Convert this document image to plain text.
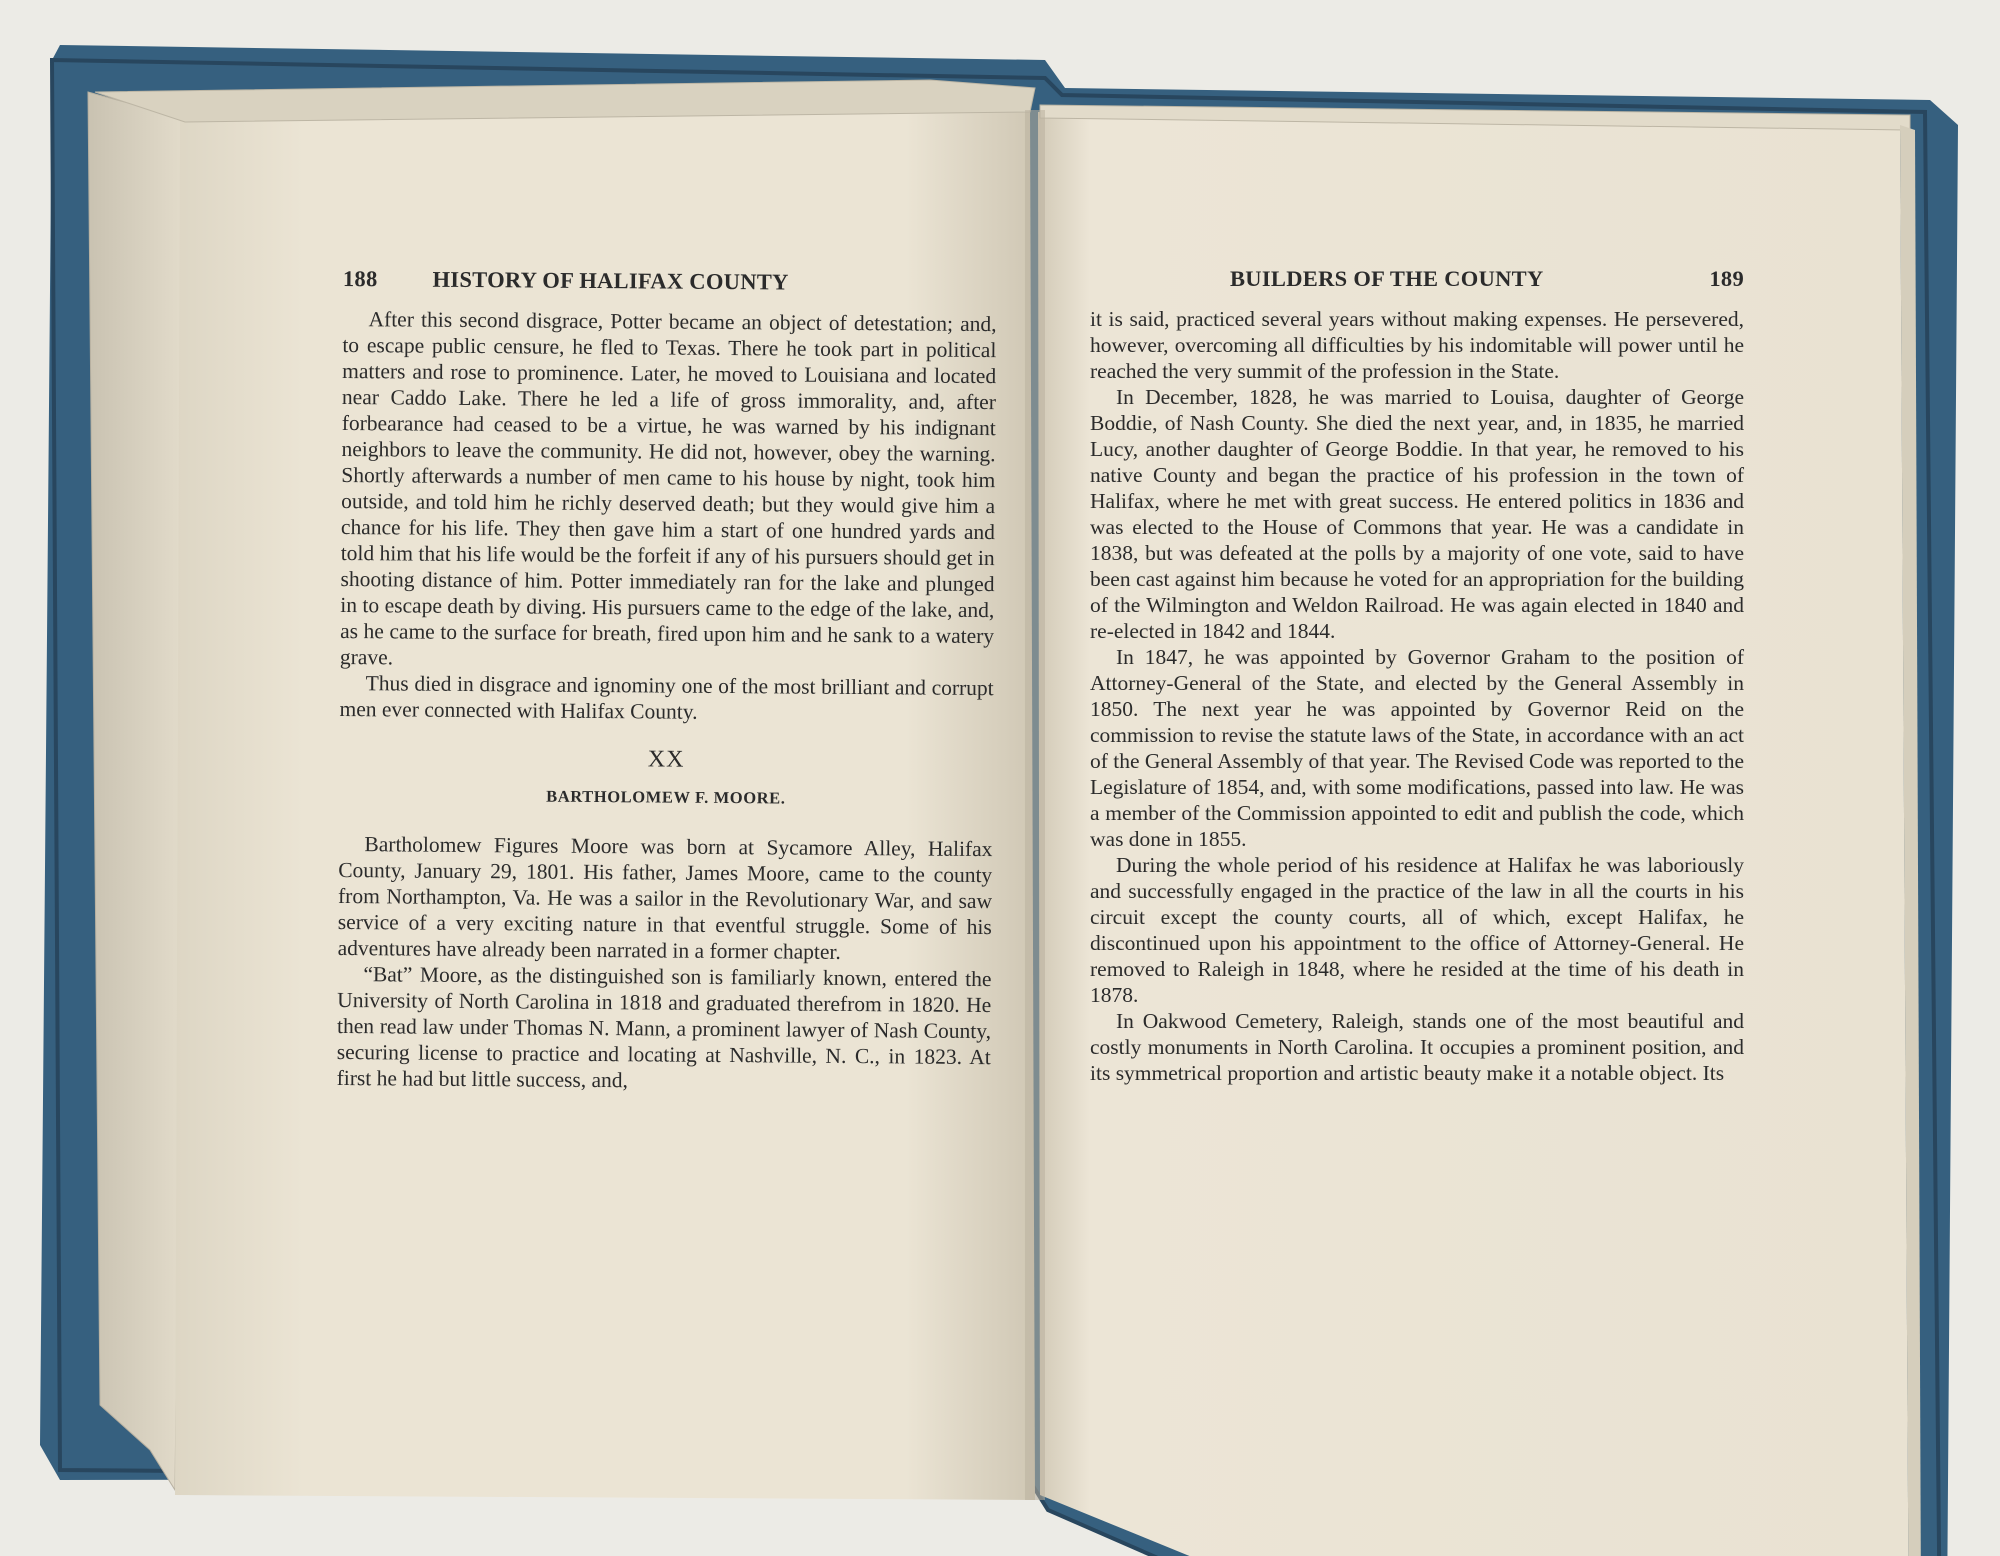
188	HISTORY OF HALIFAX COUNTY

After this second disgrace, Potter became an object of detestation; and, to escape public censure, he fled to Texas. There he took part in political matters and rose to prominence. Later, he moved to Louisiana and located near Caddo Lake. There he led a life of gross immorality, and, after forbearance had ceased to be a virtue, he was warned by his indignant neighbors to leave the community. He did not, however, obey the warning. Shortly afterwards a number of men came to his house by night, took him outside, and told him he richly deserved death; but they would give him a chance for his life. They then gave him a start of one hundred yards and told him that his life would be the forfeit if any of his pursuers should get in shooting distance of him. Potter immediately ran for the lake and plunged in to escape death by diving. His pursuers came to the edge of the lake, and, as he came to the surface for breath, fired upon him and he sank to a watery grave.

Thus died in disgrace and ignominy one of the most brilliant and corrupt men ever connected with Halifax County.

XX
BARTHOLOMEW F. MOORE.

Bartholomew Figures Moore was born at Sycamore Alley, Halifax County, January 29, 1801. His father, James Moore, came to the county from Northampton, Va. He was a sailor in the Revolutionary War, and saw service of a very exciting nature in that eventful struggle. Some of his adventures have already been narrated in a former chapter.

“Bat” Moore, as the distinguished son is familiarly known, entered the University of North Carolina in 1818 and graduated therefrom in 1820. He then read law under Thomas N. Mann, a prominent lawyer of Nash County, securing license to practice and locating at Nashville, N. C., in 1823. At first he had but little success, and,

BUILDERS OF THE COUNTY	189

it is said, practiced several years without making expenses. He persevered, however, overcoming all difficulties by his indomitable will power until he reached the very summit of the profession in the State.

In December, 1828, he was married to Louisa, daughter of George Boddie, of Nash County. She died the next year, and, in 1835, he married Lucy, another daughter of George Boddie. In that year, he removed to his native County and began the practice of his profession in the town of Halifax, where he met with great success. He entered politics in 1836 and was elected to the House of Commons that year. He was a candidate in 1838, but was defeated at the polls by a majority of one vote, said to have been cast against him because he voted for an appropriation for the building of the Wilmington and Weldon Railroad. He was again elected in 1840 and re-elected in 1842 and 1844.

In 1847, he was appointed by Governor Graham to the position of Attorney-General of the State, and elected by the General Assembly in 1850. The next year he was appointed by Governor Reid on the commission to revise the statute laws of the State, in accordance with an act of the General Assembly of that year. The Revised Code was reported to the Legislature of 1854, and, with some modifications, passed into law. He was a member of the Commission appointed to edit and publish the code, which was done in 1855.

During the whole period of his residence at Halifax he was laboriously and successfully engaged in the practice of the law in all the courts in his circuit except the county courts, all of which, except Halifax, he discontinued upon his appointment to the office of Attorney-General. He removed to Raleigh in 1848, where he resided at the time of his death in 1878.

In Oakwood Cemetery, Raleigh, stands one of the most beautiful and costly monuments in North Carolina. It occupies a prominent position, and its symmetrical proportion and artistic beauty make it a notable object. Its
